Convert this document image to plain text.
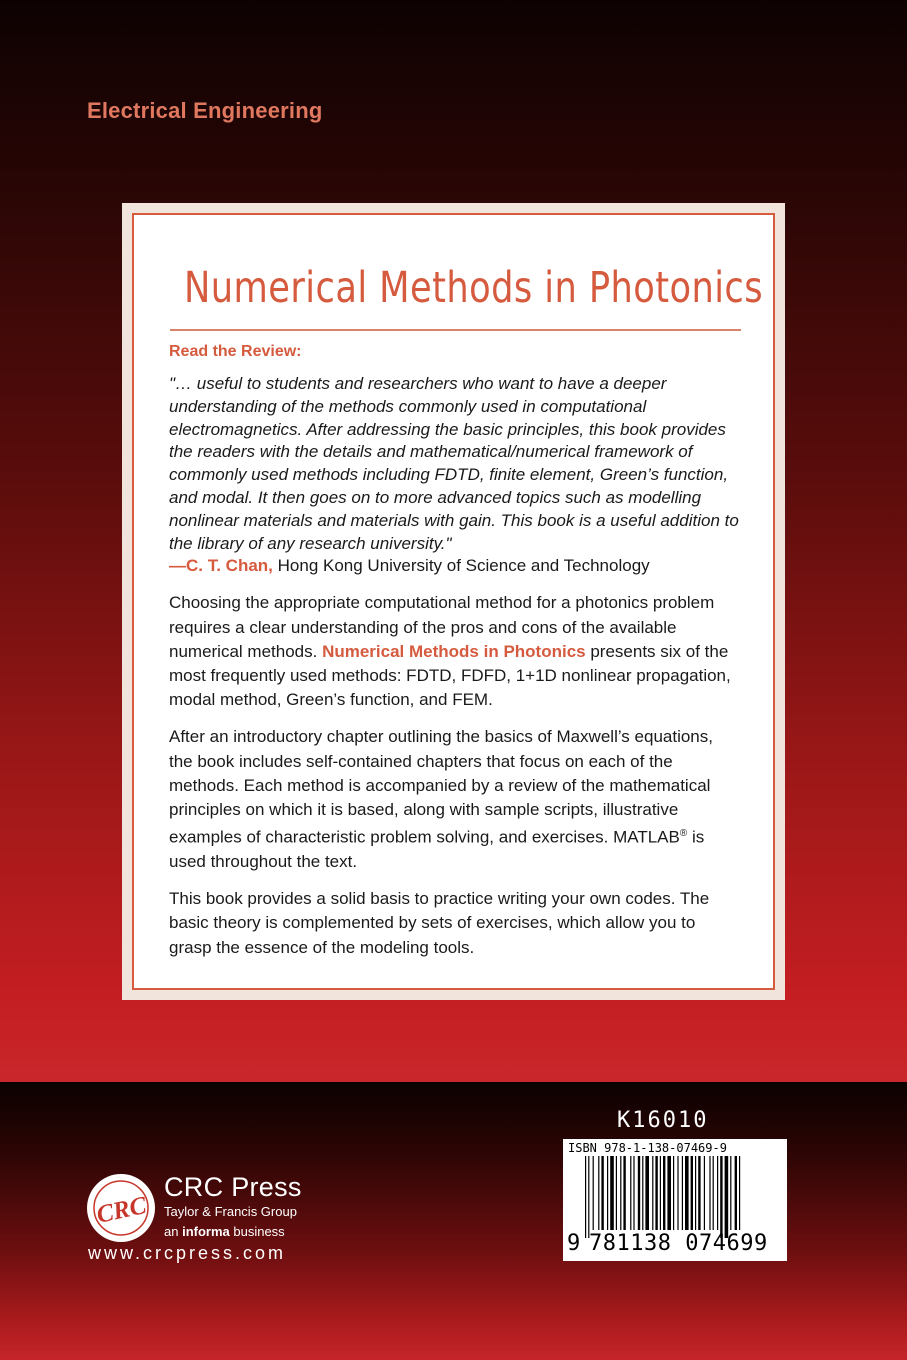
Electrical Engineering
Numerical Methods in Photonics

Read the Review:

"… useful to students and researchers who want to have a deeper understanding of the methods commonly used in computational electromagnetics. After addressing the basic principles, this book provides the readers with the details and mathematical/numerical framework of commonly used methods including FDTD, finite element, Green’s function, and modal. It then goes on to more advanced topics such as modelling nonlinear materials and materials with gain. This book is a useful addition to the library of any research university."

—C. T. Chan, Hong Kong University of Science and Technology

Choosing the appropriate computational method for a photonics problem requires a clear understanding of the pros and cons of the available numerical methods. Numerical Methods in Photonics presents six of the most frequently used methods: FDTD, FDFD, 1+1D nonlinear propagation, modal method, Green’s function, and FEM.

After an introductory chapter outlining the basics of Maxwell’s equations, the book includes self-contained chapters that focus on each of the methods. Each method is accompanied by a review of the mathematical principles on which it is based, along with sample scripts, illustrative examples of characteristic problem solving, and exercises. MATLAB® is used throughout the text.

This book provides a solid basis to practice writing your own codes. The basic theory is complemented by sets of exercises, which allow you to grasp the essence of the modeling tools.

CRC
CRC Press
Taylor & Francis Group
an informa business
www.crcpress.com
K16010
ISBN 978-1-138-07469-9
9 781138 074699
